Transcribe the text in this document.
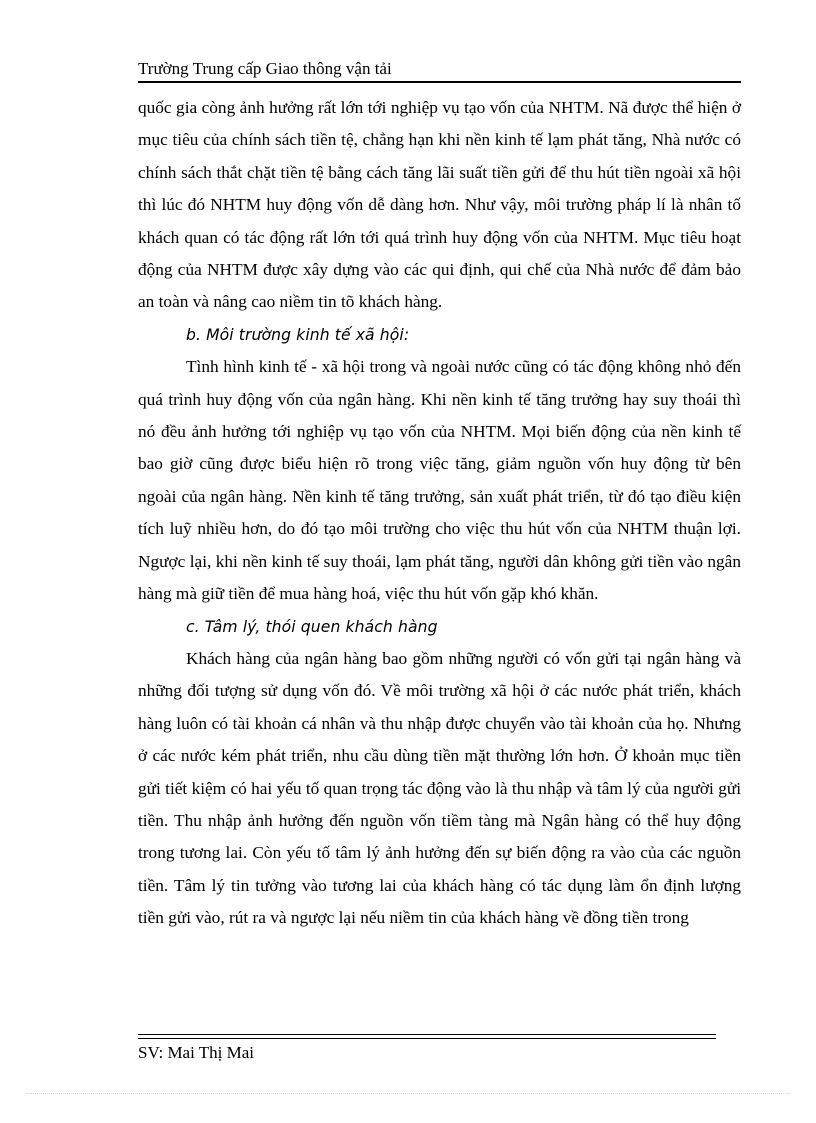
Trường Trung cấp Giao thông vận tải

quốc gia còng ảnh hưởng rất lớn tới nghiệp vụ tạo vốn của NHTM. Nã được thể hiện ở mục tiêu của chính sách tiền tệ, chẳng hạn khi nền kinh tế lạm phát tăng, Nhà nước có chính sách thắt chặt tiền tệ bằng cách tăng lãi suất tiền gửi để thu hút tiền ngoài xã hội thì lúc đó NHTM huy động vốn dễ dàng hơn. Như vậy, môi trường pháp lí là nhân tố khách quan có tác động rất lớn tới quá trình huy động vốn của NHTM. Mục tiêu hoạt động của NHTM được xây dựng vào các qui định, qui chế của Nhà nước để đảm bảo an toàn và nâng cao niềm tin tõ khách hàng.

b. Môi trường kinh tế xã hội:

Tình hình kinh tế - xã hội trong và ngoài nước cũng có tác động không nhỏ đến quá trình huy động vốn của ngân hàng. Khi nền kinh tế tăng trưởng hay suy thoái thì nó đều ảnh hưởng tới nghiệp vụ tạo vốn của NHTM. Mọi biến động của nền kinh tế bao giờ cũng được biểu hiện rõ trong việc tăng, giảm nguồn vốn huy động từ bên ngoài của ngân hàng. Nền kinh tế tăng trưởng, sản xuất phát triển, từ đó tạo điều kiện tích luỹ nhiều hơn, do đó tạo môi trường cho việc thu hút vốn của NHTM thuận lợi. Ngược lại, khi nền kinh tế suy thoái, lạm phát tăng, người dân không gửi tiền vào ngân hàng mà giữ tiền để mua hàng hoá, việc thu hút vốn gặp khó khăn.

c. Tâm lý, thói quen khách hàng

Khách hàng của ngân hàng bao gồm những người có vốn gửi tại ngân hàng và những đối tượng sử dụng vốn đó. Về môi trường xã hội ở các nước phát triển, khách hàng luôn có tài khoản cá nhân và thu nhập được chuyển vào tài khoản của họ. Nhưng ở các nước kém phát triển, nhu cầu dùng tiền mặt thường lớn hơn. Ở khoản mục tiền gửi tiết kiệm có hai yếu tố quan trọng tác động vào là thu nhập và tâm lý của người gửi tiền. Thu nhập ảnh hưởng đến nguồn vốn tiềm tàng mà Ngân hàng có thể huy động trong tương lai. Còn yếu tố tâm lý ảnh hưởng đến sự biến động ra vào của các nguồn tiền. Tâm lý tin tưởng vào tương lai của khách hàng có tác dụng làm ổn định lượng tiền gửi vào, rút ra và ngược lại nếu niềm tin của khách hàng về đồng tiền trong

SV: Mai Thị Mai
